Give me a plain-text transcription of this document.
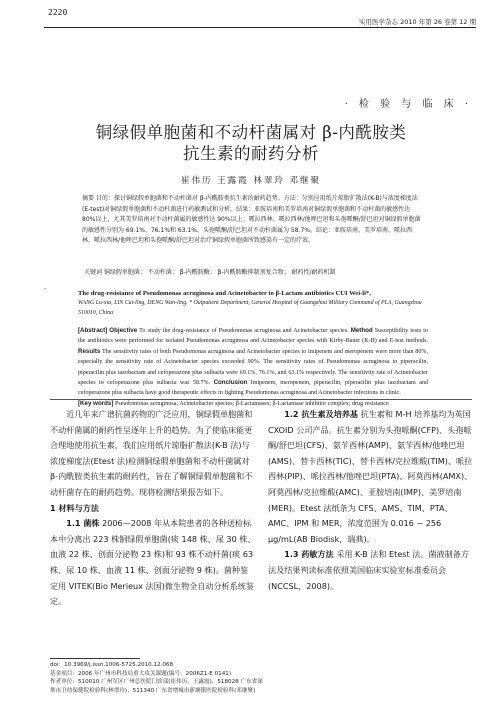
2220
实用医学杂志 2010 年第 26 卷第 12 期
· 检 验 与 临 床 ·
铜绿假单胞菌和不动杆菌属对 β-内酰胺类
抗生素的耐药分析
崔伟历 王露霞 林翠玲 邓继聚
摘要 目的：探讨铜绿假单胞菌和不动杆菌对 β-内酰胺类抗生素的耐药趋势。方法：分别应用纸片琼脂扩散法(K-B)与浓度梯度法(E-test)对铜绿假单胞菌和不动杆菌进行药敏测试和分析。结果：亚胺培南和美罗培南对铜绿假单胞菌和不动杆菌的敏感性达 80%以上，尤其美罗培南对不动杆菌属的敏感性达 90%以上；哌拉西林、哌拉西林/他唑巴坦和头孢哌酮/舒巴坦对铜绿假单胞菌的敏感性分别为 69.1%、76.1%和 63.1%，头孢哌酮/舒巴坦对不动杆菌属为 58.7%。结论：亚胺培南、美罗培南、哌拉西林、哌拉西林/他唑巴坦和头孢哌酮/舒巴坦对治疗铜绿假单胞菌所致感染有一定的疗效。
关键词 铜绿假单胞菌； 不动杆菌； β-内酰胺酶； β-内酰胺酶抑制剂复合物； 耐药性/耐药机制
·
The drug-resistance of Pseudomonas acruginosa and Acinetobacter to β-Lactam antibiotics CUI Wei-li*,
WANG Lu-xia, LIN Cui-ling, DENG Wan-ling. * Outpatient Department, General Hospital of Guangzhou Military Command of PLA, Guangzhou 510010, China
[Abstract] Objective To study the drug-resistance of Pseudomonas acruginosa and Acinetobacter species. Method Susceptibility tests to the antibiotics were performed for isolated Pseudomonas acruginosa and Acinetobacter species with Kirby-Bauer (K-B) and E-test methods. Results The sensitivity rates of both Pseudomonas acruginosa and Acinetobacter species to imipenem and meropenem were more than 80%, especially the sensitivity rate of Acinetobacter species exceeded 90%. The sensitivity rates of Pseudomonas acruginosa to piperacilin, piperacilin plus tazobactam and cefoperazone plus sulbacta were 69.1%, 76.1%, and 63.1% respectively. The sensitivity rate of Acinetobacter species to cefoperazone plus sulbacta was 58.7%. Conclusion Imipenem, meropenem, piperacilin, piperacilin plus tazobactam and cefoperazone plus sulbacta have good therapeutic effects in fighting Pseudomonas acruginosa and Acinetobacter infections in clinic.
[Key words] Pseudomonas acruginosa; Acinetobacter species; β-Lactamases; β-Lactamase inhibitor complex; drug resistance
近几年来广谱抗菌药物的广泛应用，铜绿假单胞菌和不动杆菌属的耐药性呈逐年上升的趋势。为了使临床能更合理地使用抗生素，我们应用纸片琼脂扩散法(K-B 法)与浓度梯度法(Etest 法)检测铜绿假单胞菌和不动杆菌属对 β-内酰胺类抗生素的耐药性，旨在了解铜绿假单胞菌和不动杆菌存在的耐药趋势。现将检测结果报告如下。
1 材料与方法
1.1 菌株 2006—2008 年从本院患者的各种送检标本中分离出 223 株铜绿假单胞菌(痰 148 株、尿 30 株、血液 22 株、创面分泌物 23 株)和 93 株不动杆菌(痰 63 株、尿 10 株、血液 11 株、创面分泌物 9 株)。菌种鉴定用 VITEK(Bio Merieux 法国)微生物全自动分析系统鉴定。
1.2 抗生素及培养基 抗生素和 M-H 培养基均为英国 CXOID 公司产品。抗生素分别为头孢哌酮(CFP)、头孢哌酮/舒巴坦(CFS)、氨苄西林(AMP)、氨苄西林/他唑巴坦(AMS)、替卡西林(TIC)、替卡西林/克拉维酸(TIM)、哌拉西林(PIP)、哌拉西林/他唑巴坦(PTA)、阿莫西林(AMX)、阿莫西林/克拉维酸(AMC)、亚胺培南(IMP)、美罗培南(MER)。Etest 法纸条为 CFS、AMS、TIM、PTA、AMC、IPM 和 MER，浓度范围为 0.016 ~ 256 μg/mL(AB Biodisk，瑞典)。
1.3 药敏方法 采用 K-B 法和 Etest 法。菌液制备方法及结果判读标准依照美国临床实验室标准委员会(NCCSL，2008)。
doi：10.3969/j.issn.1006-5725.2010.12.068
基金项目：2006 年广州市科技局重大攻关课题(编号：2006Z1-E 0141)
作者单位：510010 广州军区广州总医院门诊部(崔伟历，王露霞)，518028 广东省深圳市卫幼保健院检验科(林翠玲)；511340 广东省增城市新塘镇医院检验科(邓继聚)
